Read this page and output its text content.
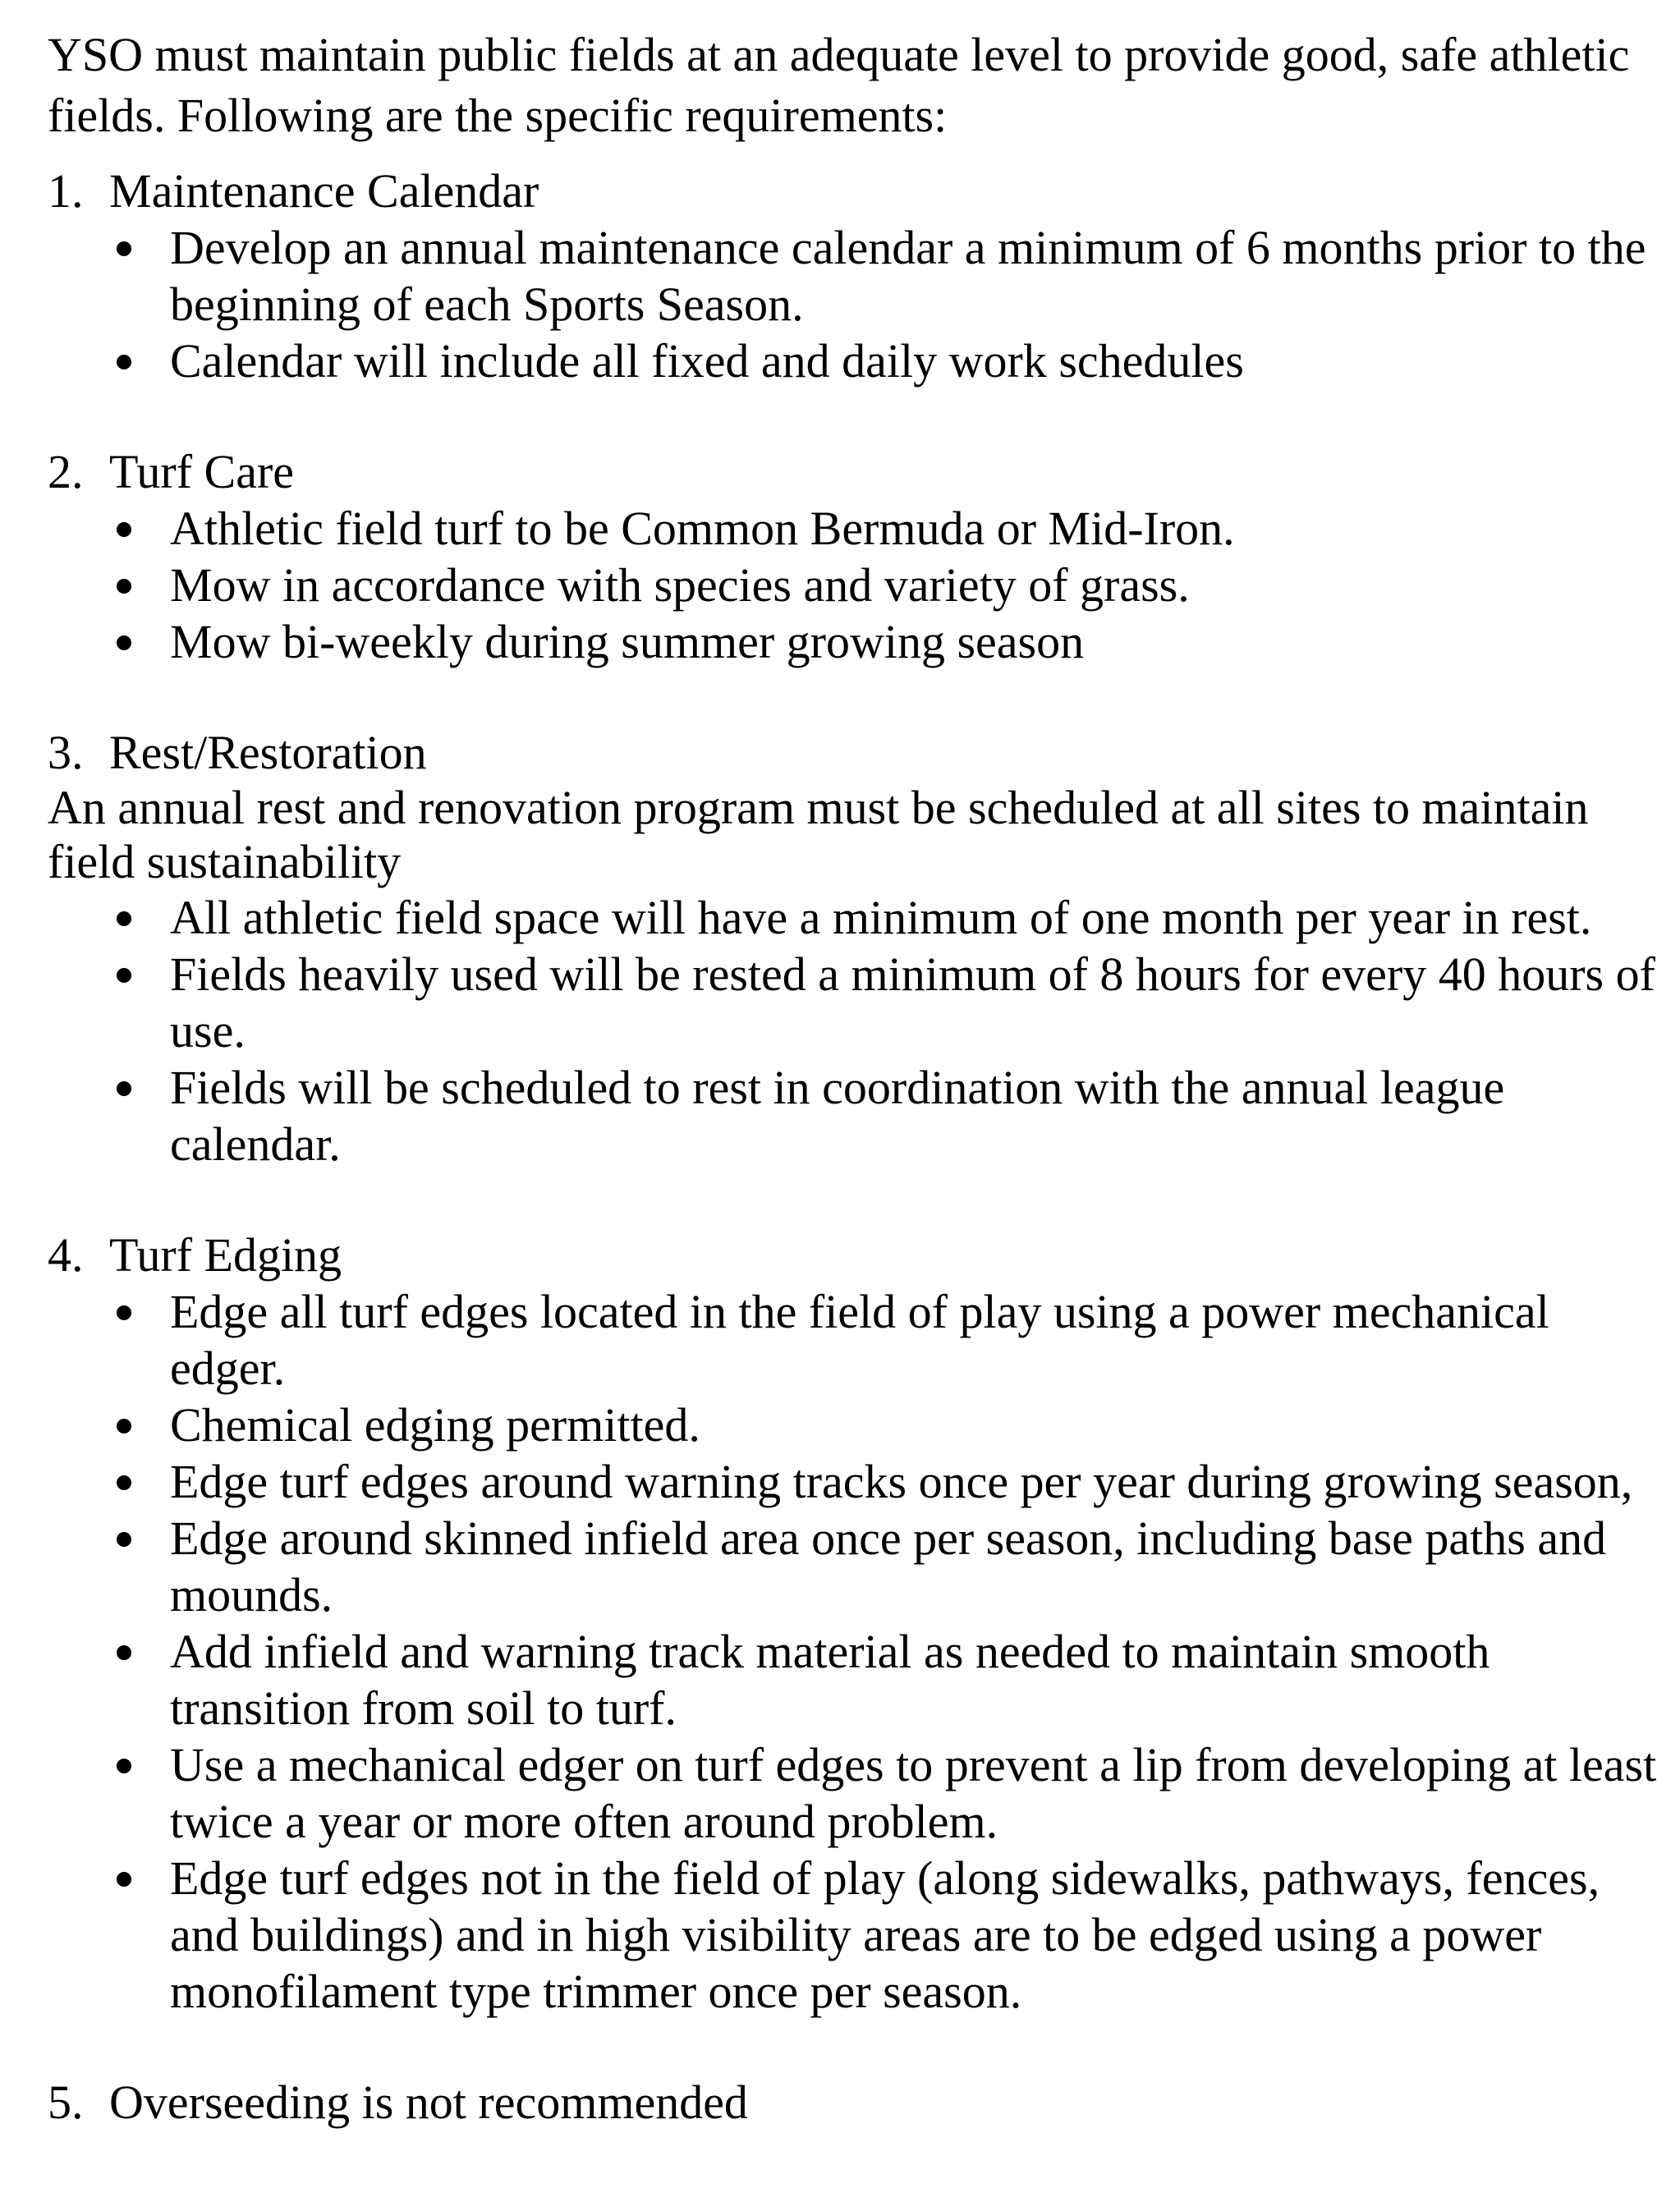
YSO must maintain public fields at an adequate level to provide good, safe athletic fields. Following are the specific requirements:

1. Maintenance Calendar

Develop an annual maintenance calendar a minimum of 6 months prior to the beginning of each Sports Season.
Calendar will include all fixed and daily work schedules

2. Turf Care

Athletic field turf to be Common Bermuda or Mid-Iron.
Mow in accordance with species and variety of grass.
Mow bi-weekly during summer growing season

3. Rest/Restoration

An annual rest and renovation program must be scheduled at all sites to maintain field sustainability

All athletic field space will have a minimum of one month per year in rest.
Fields heavily used will be rested a minimum of 8 hours for every 40 hours of use.
Fields will be scheduled to rest in coordination with the annual league calendar.

4. Turf Edging

Edge all turf edges located in the field of play using a power mechanical edger.
Chemical edging permitted.
Edge turf edges around warning tracks once per year during growing season,
Edge around skinned infield area once per season, including base paths and mounds.
Add infield and warning track material as needed to maintain smooth transition from soil to turf.
Use a mechanical edger on turf edges to prevent a lip from developing at least twice a year or more often around problem.
Edge turf edges not in the field of play (along sidewalks, pathways, fences, and buildings) and in high visibility areas are to be edged using a power monofilament type trimmer once per season.

5. Overseeding is not recommended
